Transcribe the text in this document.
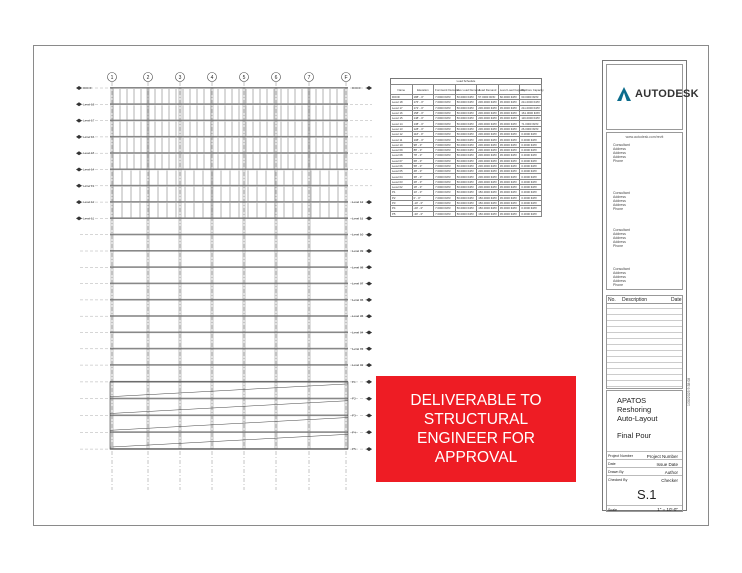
1	2	3	4	5	6	7	F
ROOF	ROOF
Level 18
Level 17
Level 16
Level 15
Level 14
Level 13
Level 12	Level 12
Level 11	Level 11
Level 10
Level 09
Level 08
Level 07
Level 06
Level 05
Level 04
Level 03
Level 02
P1
P2
P3
P4
P5
Load Schedule
Name	Elevation	Formwork Demand	Live Load Demand	Load Demand	Level Load Capacity	Reshore Capacity
ROOF	188' - 0"	7.0000 lbf/ft²	50.0000 lbf/ft²	57.0000 lbf/ft²	60.0000 lbf/ft²	60.0000 lbf/ft²
Level 18	176' - 0"	7.0000 lbf/ft²	50.0000 lbf/ft²	206.0000 lbf/ft²	45.0000 lbf/ft²	211.0000 lbf/ft²
Level 17	172' - 0"	7.0000 lbf/ft²	50.0000 lbf/ft²	206.0000 lbf/ft²	45.0000 lbf/ft²	211.0000 lbf/ft²
Level 16	158' - 0"	7.0000 lbf/ft²	50.0000 lbf/ft²	206.0000 lbf/ft²	45.0000 lbf/ft²	161.0000 lbf/ft²
Level 15	148' - 0"	7.0000 lbf/ft²	50.0000 lbf/ft²	206.0000 lbf/ft²	45.0000 lbf/ft²	116.0000 lbf/ft²
Level 14	138' - 0"	7.0000 lbf/ft²	50.0000 lbf/ft²	206.0000 lbf/ft²	45.0000 lbf/ft²	71.0000 lbf/ft²
Level 13	128' - 0"	7.0000 lbf/ft²	50.0000 lbf/ft²	206.0000 lbf/ft²	45.0000 lbf/ft²	26.0000 lbf/ft²
Level 12	118' - 0"	7.0000 lbf/ft²	50.0000 lbf/ft²	206.0000 lbf/ft²	45.0000 lbf/ft²	0.0000 lbf/ft²
Level 11	108' - 0"	7.0000 lbf/ft²	50.0000 lbf/ft²	206.0000 lbf/ft²	45.0000 lbf/ft²	0.0000 lbf/ft²
Level 10	98' - 0"	7.0000 lbf/ft²	50.0000 lbf/ft²	206.0000 lbf/ft²	45.0000 lbf/ft²	0.0000 lbf/ft²
Level 09	88' - 0"	7.0000 lbf/ft²	50.0000 lbf/ft²	206.0000 lbf/ft²	45.0000 lbf/ft²	0.0000 lbf/ft²
Level 08	78' - 0"	7.0000 lbf/ft²	50.0000 lbf/ft²	206.0000 lbf/ft²	45.0000 lbf/ft²	0.0000 lbf/ft²
Level 07	68' - 0"	7.0000 lbf/ft²	50.0000 lbf/ft²	206.0000 lbf/ft²	45.0000 lbf/ft²	0.0000 lbf/ft²
Level 06	58' - 0"	7.0000 lbf/ft²	50.0000 lbf/ft²	206.0000 lbf/ft²	45.0000 lbf/ft²	0.0000 lbf/ft²
Level 05	48' - 0"	7.0000 lbf/ft²	50.0000 lbf/ft²	206.0000 lbf/ft²	45.0000 lbf/ft²	0.0000 lbf/ft²
Level 04	38' - 0"	7.0000 lbf/ft²	50.0000 lbf/ft²	206.0000 lbf/ft²	45.0000 lbf/ft²	0.0000 lbf/ft²
Level 03	28' - 0"	7.0000 lbf/ft²	50.0000 lbf/ft²	206.0000 lbf/ft²	45.0000 lbf/ft²	0.0000 lbf/ft²
Level 02	18' - 0"	7.0000 lbf/ft²	50.0000 lbf/ft²	206.0000 lbf/ft²	45.0000 lbf/ft²	0.0000 lbf/ft²
P1	10' - 0"	7.0000 lbf/ft²	50.0000 lbf/ft²	150.0000 lbf/ft²	45.0000 lbf/ft²	0.0000 lbf/ft²
P2	0' - 0"	7.0000 lbf/ft²	50.0000 lbf/ft²	150.0000 lbf/ft²	45.0000 lbf/ft²	0.0000 lbf/ft²
P3	-10' - 0"	7.0000 lbf/ft²	50.0000 lbf/ft²	150.0000 lbf/ft²	45.0000 lbf/ft²	0.0000 lbf/ft²
P4	-20' - 0"	7.0000 lbf/ft²	50.0000 lbf/ft²	150.0000 lbf/ft²	45.0000 lbf/ft²	0.0000 lbf/ft²
P5	-30' - 0"	7.0000 lbf/ft²	50.0000 lbf/ft²	150.0000 lbf/ft²	45.0000 lbf/ft²	0.0000 lbf/ft²
DELIVERABLE TO
STRUCTURAL
ENGINEER FOR
APPROVAL
AUTODESK
www.autodesk.com/revit
Consultant
Address
Address
Address
Phone
Consultant
Address
Address
Address
Phone
Consultant
Address
Address
Address
Phone
Consultant
Address
Address
Address
Phone
No. Description	Date
APATOS
Reshoring
Auto-Layout
Final Pour
Project Number	Project Number
Date	Issue Date
Drawn By	Author
Checked By	Checker
S.1
Scale	1" = 10'-0"
1/30/2025 9:38:08
